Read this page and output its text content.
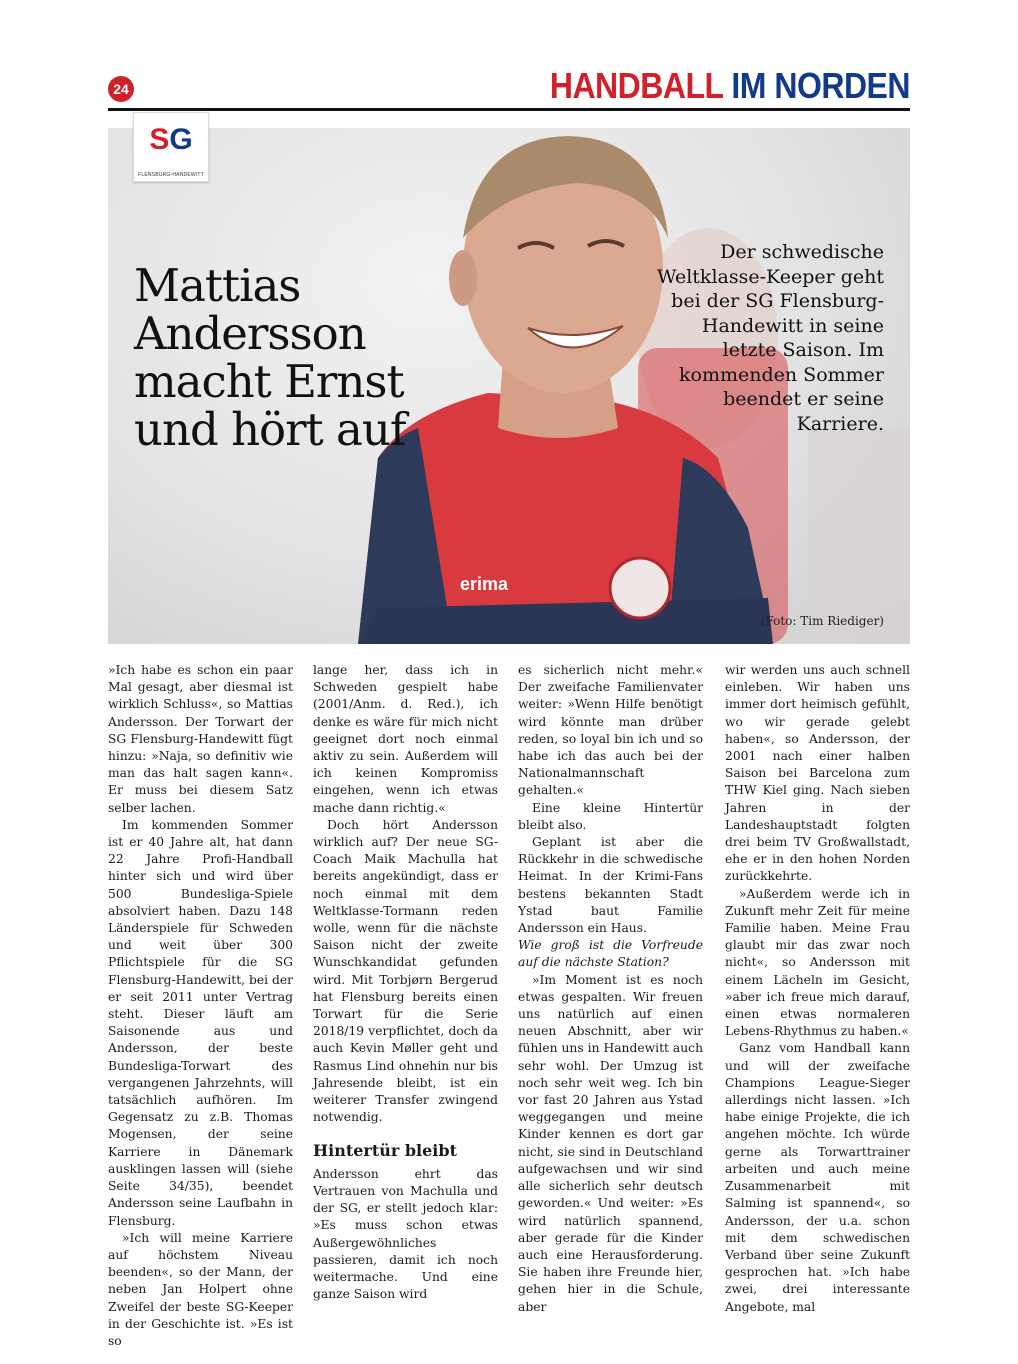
24	HANDBALL IM NORDEN
erima
SG
FLENSBURG-HANDEWITT
Mattias Andersson macht Ernst und hört auf
Der schwedische Weltklasse-Keeper geht bei der SG Flensburg-Handewitt in seine letzte Saison. Im kommenden Sommer beendet er seine Karriere.
(Foto: Tim Riediger)

»Ich habe es schon ein paar Mal gesagt, aber diesmal ist wirklich Schluss«, so Mattias Andersson. Der Torwart der SG Flensburg-Handewitt fügt hinzu: »Naja, so definitiv wie man das halt sagen kann«. Er muss bei diesem Satz selber lachen.

Im kommenden Sommer ist er 40 Jahre alt, hat dann 22 Jahre Profi-Handball hinter sich und wird über 500 Bundesliga-Spiele absolviert haben. Dazu 148 Länderspiele für Schweden und weit über 300 Pflichtspiele für die SG Flensburg-Handewitt, bei der er seit 2011 unter Vertrag steht. Dieser läuft am Saisonende aus und Andersson, der beste Bundesliga-Torwart des vergangenen Jahrzehnts, will tatsächlich aufhören. Im Gegensatz zu z.B. Thomas Mogensen, der seine Karriere in Dänemark ausklingen lassen will (siehe Seite 34/35), beendet Andersson seine Laufbahn in Flensburg.

»Ich will meine Karriere auf höchstem Niveau beenden«, so der Mann, der neben Jan Holpert ohne Zweifel der beste SG-Keeper in der Geschichte ist. »Es ist so

lange her, dass ich in Schweden gespielt habe (2001/Anm. d. Red.), ich denke es wäre für mich nicht geeignet dort noch einmal aktiv zu sein. Außerdem will ich keinen Kompromiss eingehen, wenn ich etwas mache dann richtig.«

Doch hört Andersson wirklich auf? Der neue SG-Coach Maik Machulla hat bereits angekündigt, dass er noch einmal mit dem Weltklasse-Tormann reden wolle, wenn für die nächste Saison nicht der zweite Wunschkandidat gefunden wird. Mit Torbjørn Bergerud hat Flensburg bereits einen Torwart für die Serie 2018/19 verpflichtet, doch da auch Kevin Møller geht und Rasmus Lind ohnehin nur bis Jahresende bleibt, ist ein weiterer Transfer zwingend notwendig.

Hintertür bleibt

Andersson ehrt das Vertrauen von Machulla und der SG, er stellt jedoch klar: »Es muss schon etwas Außergewöhnliches passieren, damit ich noch weitermache. Und eine ganze Saison wird

es sicherlich nicht mehr.« Der zweifache Familienvater weiter: »Wenn Hilfe benötigt wird könnte man drüber reden, so loyal bin ich und so habe ich das auch bei der Nationalmannschaft gehalten.«

Eine kleine Hintertür bleibt also.

Geplant ist aber die Rückkehr in die schwedische Heimat. In der Krimi-Fans bestens bekannten Stadt Ystad baut Familie Andersson ein Haus.

Wie groß ist die Vorfreude auf die nächste Station?

»Im Moment ist es noch etwas gespalten. Wir freuen uns natürlich auf einen neuen Abschnitt, aber wir fühlen uns in Handewitt auch sehr wohl. Der Umzug ist noch sehr weit weg. Ich bin vor fast 20 Jahren aus Ystad weggegangen und meine Kinder kennen es dort gar nicht, sie sind in Deutschland aufgewachsen und wir sind alle sicherlich sehr deutsch geworden.« Und weiter: »Es wird natürlich spannend, aber gerade für die Kinder auch eine Herausforderung. Sie haben ihre Freunde hier, gehen hier in die Schule, aber

wir werden uns auch schnell einleben. Wir haben uns immer dort heimisch gefühlt, wo wir gerade gelebt haben«, so Andersson, der 2001 nach einer halben Saison bei Barcelona zum THW Kiel ging. Nach sieben Jahren in der Landeshauptstadt folgten drei beim TV Großwallstadt, ehe er in den hohen Norden zurückkehrte.

»Außerdem werde ich in Zukunft mehr Zeit für meine Familie haben. Meine Frau glaubt mir das zwar noch nicht«, so Andersson mit einem Lächeln im Gesicht, »aber ich freue mich darauf, einen etwas normaleren Lebens-Rhythmus zu haben.«

Ganz vom Handball kann und will der zweifache Champions League-Sieger allerdings nicht lassen. »Ich habe einige Projekte, die ich angehen möchte. Ich würde gerne als Torwarttrainer arbeiten und auch meine Zusammenarbeit mit Salming ist spannend«, so Andersson, der u.a. schon mit dem schwedischen Verband über seine Zukunft gesprochen hat. »Ich habe zwei, drei interessante Angebote, mal
